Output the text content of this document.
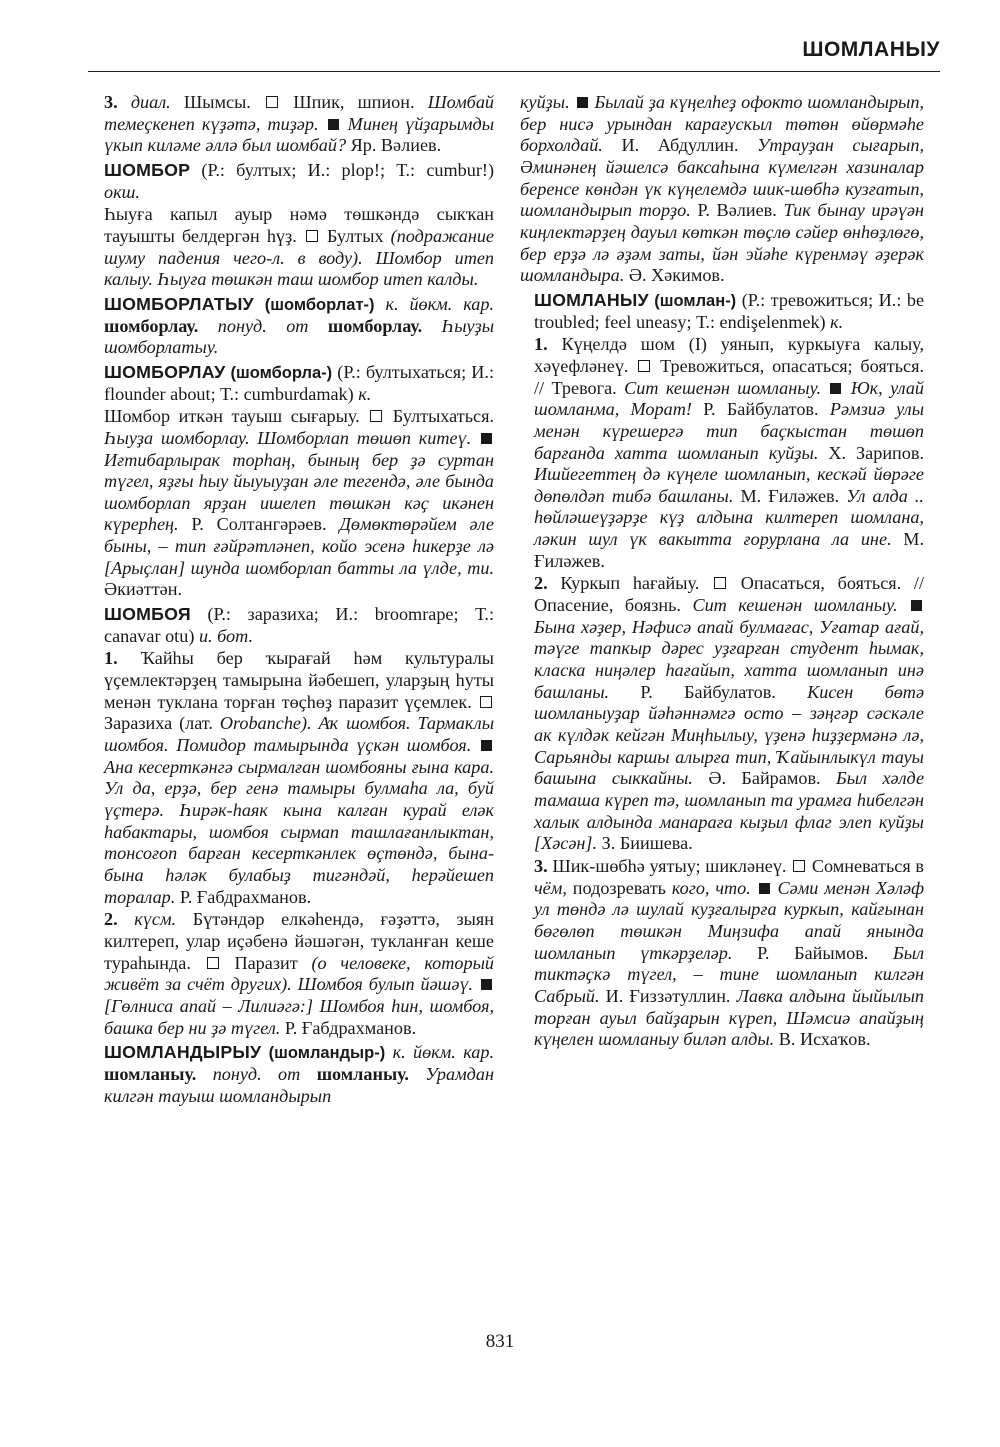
ШОМЛАНЫУ

3. диал. Шымсы. Шпик, шпион. Шомбай темеҫкенеп күҙәтә, тиҙәр. Минең үйҙарымды үкып киләме әллә был шомбай? Яр. Вәлиев.

ШОМБОР (Р.: бултых; И.: plop!; Т.: cumbur!) окш.

Һыуға капыл ауыр нәмә төшкәндә сыкҡан тауышты белдергән һүҙ. Бултых (подражание шуму падения чего-л. в воду). Шомбор итеп калыу. Һыуға төшкән таш шомбор итеп калды.

ШОМБОРЛАТЫУ (шомборлат-) к. йөкм. кар. шомборлау. понуд. от шомборлау. Һыуҙы шомборлатыу.

ШОМБОРЛАУ (шомборла-) (Р.: бултыхаться; И.: flounder about; Т.: cumburdamak) к.

Шомбор иткән тауыш сығарыу. Бултыхаться. Һыуҙа шомборлау. Шомборлап төшөп китеү.  Иғтибарлырак торһаң, быныӊ бер ҙә суртан түгел, яҙғы һыу йыуыуҙан әле тегендә, әле бында шомборлап ярҙан ишелеп төшкән кәҫ икәнен күрерһең. Р. Солтангәрәев. Дөмөктөрәйем әле быны, – тип ғәйрәтләнеп, койо эсенә һикерҙе лә [Арыҫлан] шунда шомборлап батты ла үлде, ти. Әкиәттән.

ШОМБОЯ (Р.: заразиха; И.: broomrape; Т.: canavar otu) и. бот.

1. Ҡайһы бер ҡырағай һәм культуралы үҫемлектәрҙең тамырына йәбешеп, уларҙың һуты менән туклана торған төҫһөҙ паразит үҫемлек.  Заразиха (лат. Orobanche). Аҡ шомбоя. Тармаклы шомбоя. Помидор тамырында үҫкән шомбоя.  Ана кесерткәнгә сырмалған шомбояны ғына кара. Ул да, ерҙә, бер генә тамыры булмаһа ла, буй үҫтерә. Һирәк-һаяк кына калған курай еләк һабактары, шомбоя сырмап ташлағанлыктан, тонсоғоп барған кесерткәнлек өҫтөндә, бына-бына һәләк булабыҙ тигәндәй, һерәйешеп торалар. Р. Ғабдрахманов.

2. күсм. Бүтәндәр елкәһендә, ғәҙәттә, зыян килтереп, улар иҫәбенә йәшәгән, тукланған кеше тураһында. Паразит (о человеке, который живёт за счёт других). Шомбоя булып йәшәү.  [Гөлниса апай – Лилиәгә:] Шомбоя һин, шомбоя, башка бер ни ҙә түгел. Р. Ғабдрахманов.

ШОМЛАНДЫРЫУ (шомландыр-) к. йөкм. кар. шомланыу. понуд. от шомланыу. Урамдан килгән тауыш шомландырып

куйҙы. Былай ҙа күңелһеҙ офокто шомландырып, бер нисә урындан карағускыл төтөн өйөрмәһе борхолдай. И. Абдуллин. Утрауҙан сығарып, Әминәнең йәшелсә баксаһына күмелгән хазиналар беренсе көндән үк күңелемдә шик-шөбһә кузғатып, шомландырып торҙо. Р. Вәлиев. Тик бынау ирәүән киңлектәрҙең дауыл көткән төҫлө сәйер өнһөҙлөгө, бер ерҙә лә әҙәм заты, йән эйәһе күренмәү әҙерәк шомландыра. Ә. Хәкимов.

ШОМЛАНЫУ (шомлан-) (Р.: тревожиться; И.: be troubled; feel uneasy; Т.: endişelenmek) к.

1. Күңелдә шом (I) уянып, куркыуға калыу, хәүефләнеү. Тревожиться, опасаться; бояться. // Тревога. Сит кешенән шомланыу. Юк, улай шомланма, Морат! Р. Байбулатов. Рәмзиә улы менән күрешергә тип баҫкыстан төшөп барғанда хатта шомланып куйҙы. Х. Зарипов. Ишйегеттең дә күңеле шомланып, кескәй йөрәге дөпөлдәп тибә башланы. М. Ғиләжев. Ул алда .. һөйләшеүҙәрҙе күҙ алдына килтереп шомлана, ләкин шул үк вакытта ғорурлана ла ине. М. Ғиләжев.

2. Куркып һағайыу. Опасаться, бояться. // Опасение, боязнь. Сит кешенән шомланыу.  Бына хәҙер, Нәфисә апай булмағас, Уғатар ағай, тәүге тапкыр дәрес уҙғарған студент һымак, класка ниңәлер һағайып, хатта шомланып инә башланы. Р. Байбулатов. Кисен бөтә шомланыуҙар йәһәннәмгә осто – зәңгәр сәскәле ак күлдәк кейгән Миңһылыу, үҙенә һиҙҙермәнә лә, Сарьянды каршы алырға тип, Ҡайынлыкүл тауы башына сыккайны. Ә. Байрамов. Был хәлде тамаша күреп тә, шомланып та урамға һибелгән халык алдында манараға кыҙыл флаг элеп куйҙы [Хәсән]. З. Биишева.

3. Шик-шөбһә уятыу; шикләнеү. Сомневаться в чём, подозревать кого, что. Сәми менән Хәләф ул төндә лә шулай куҙғалырға куркып, кайғынан бөгөлөп төшкән Миңзифа апай янында шомланып үткәрҙеләр. Р. Байымов. Был тиктәҫкә түгел, – тине шомланып килгән Сабрый. И. Ғиззәтуллин. Лавка алдына йыйылып торған ауыл байҙарын күреп, Шәмсиә апайҙың күңелен шомланыу биләп алды. В. Исхаҡов.

831
